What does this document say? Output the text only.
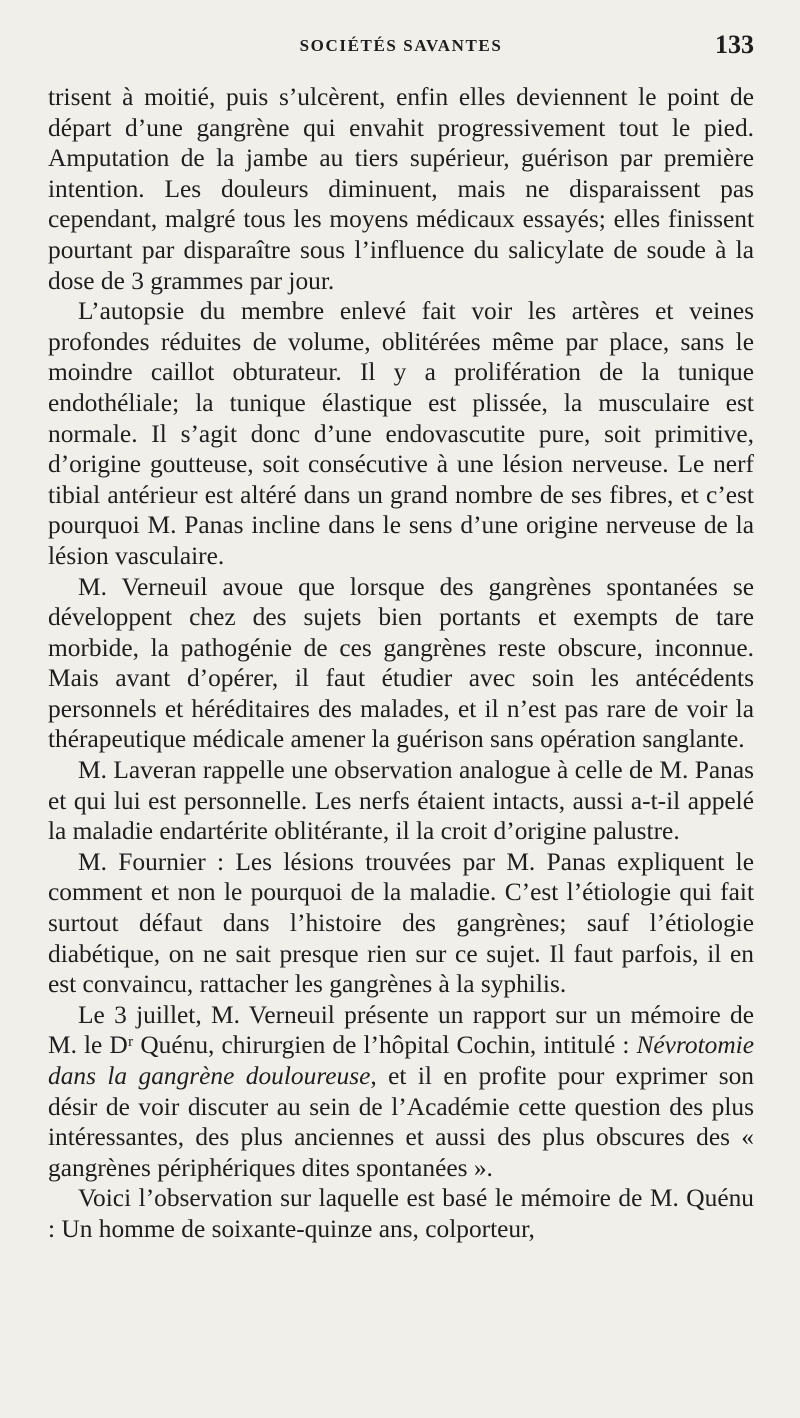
SOCIÉTÉS SAVANTES	133

trisent à moitié, puis s’ulcèrent, enfin elles deviennent le point de départ d’une gangrène qui envahit progressivement tout le pied. Amputation de la jambe au tiers supérieur, guérison par première intention. Les douleurs diminuent, mais ne disparaissent pas cependant, malgré tous les moyens médicaux essayés; elles finissent pourtant par disparaître sous l’influence du salicylate de soude à la dose de 3 grammes par jour.

L’autopsie du membre enlevé fait voir les artères et veines profondes réduites de volume, oblitérées même par place, sans le moindre caillot obturateur. Il y a prolifération de la tunique endothéliale; la tunique élastique est plissée, la musculaire est normale. Il s’agit donc d’une endovascutite pure, soit primitive, d’origine goutteuse, soit consécutive à une lésion nerveuse. Le nerf tibial antérieur est altéré dans un grand nombre de ses fibres, et c’est pourquoi M. Panas incline dans le sens d’une origine nerveuse de la lésion vasculaire.

M. Verneuil avoue que lorsque des gangrènes spontanées se développent chez des sujets bien portants et exempts de tare morbide, la pathogénie de ces gangrènes reste obscure, inconnue. Mais avant d’opérer, il faut étudier avec soin les antécédents personnels et héréditaires des malades, et il n’est pas rare de voir la thérapeutique médicale amener la guérison sans opération sanglante.

M. Laveran rappelle une observation analogue à celle de M. Panas et qui lui est personnelle. Les nerfs étaient intacts, aussi a-t-il appelé la maladie endartérite oblitérante, il la croit d’origine palustre.

M. Fournier : Les lésions trouvées par M. Panas expliquent le comment et non le pourquoi de la maladie. C’est l’étiologie qui fait surtout défaut dans l’histoire des gangrènes; sauf l’étiologie diabétique, on ne sait presque rien sur ce sujet. Il faut parfois, il en est convaincu, rattacher les gangrènes à la syphilis.

Le 3 juillet, M. Verneuil présente un rapport sur un mémoire de M. le Dʳ Quénu, chirurgien de l’hôpital Cochin, intitulé : Névrotomie dans la gangrène douloureuse, et il en profite pour exprimer son désir de voir discuter au sein de l’Académie cette question des plus intéressantes, des plus anciennes et aussi des plus obscures des « gangrènes périphériques dites spontanées ».

Voici l’observation sur laquelle est basé le mémoire de M. Quénu : Un homme de soixante-quinze ans, colporteur,
